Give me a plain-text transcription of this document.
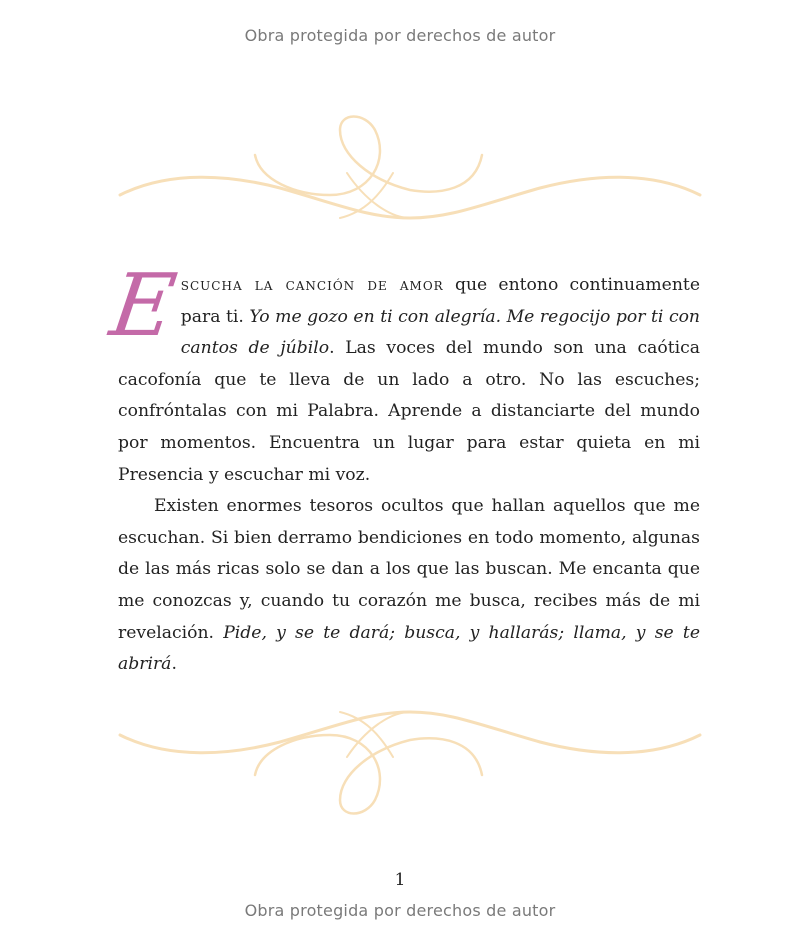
Obra protegida por derechos de autor

Escucha la canción de amor que entono continuamente para ti. Yo me gozo en ti con alegría. Me regocijo por ti con cantos de júbilo. Las voces del mundo son una caótica cacofonía que te lleva de un lado a otro. No las escuches; confróntalas con mi Palabra. Aprende a distanciarte del mundo por momentos. Encuentra un lugar para estar quieta en mi Presencia y escuchar mi voz.

Existen enormes tesoros ocultos que hallan aquellos que me escuchan. Si bien derramo bendiciones en todo momento, algunas de las más ricas solo se dan a los que las buscan. Me encanta que me conozcas y, cuando tu corazón me busca, recibes más de mi revelación. Pide, y se te dará; busca, y hallarás; llama, y se te abrirá.

1
Obra protegida por derechos de autor
